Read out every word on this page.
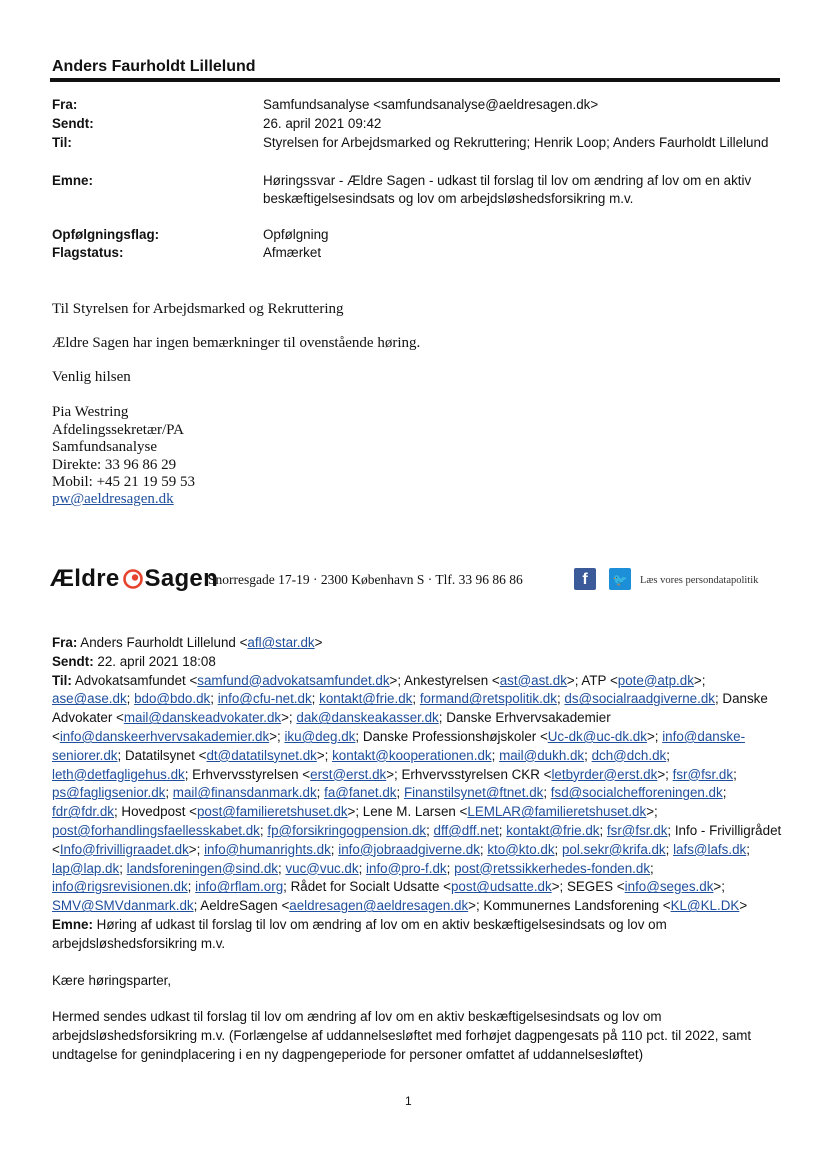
Anders Faurholdt Lillelund
Fra:	Samfundsanalyse <samfundsanalyse@aeldresagen.dk>
Sendt:	26. april 2021 09:42
Til:	Styrelsen for Arbejdsmarked og Rekruttering; Henrik Loop; Anders Faurholdt Lillelund
Emne:	Høringssvar - Ældre Sagen - udkast til forslag til lov om ændring af lov om en aktiv beskæftigelsesindsats og lov om arbejdsløshedsforsikring m.v.
Opfølgningsflag:	Opfølgning
Flagstatus:	Afmærket
Til Styrelsen for Arbejdsmarked og Rekruttering
Ældre Sagen har ingen bemærkninger til ovenstående høring.
Venlig hilsen
Pia Westring
Afdelingssekretær/PA
Samfundsanalyse
Direkte: 33 96 86 29
Mobil: +45 21 19 59 53
pw@aeldresagen.dk
Ældre Sagen
Snorresgade 17-19 · 2300 København S · Tlf. 33 96 86 86	f	🐦	Læs vores persondatapolitik

Fra: Anders Faurholdt Lillelund <afl@star.dk>

Sendt: 22. april 2021 18:08

Til: Advokatsamfundet <samfund@advokatsamfundet.dk>; Ankestyrelsen <ast@ast.dk>; ATP <pote@atp.dk>; ase@ase.dk; bdo@bdo.dk; info@cfu-net.dk; kontakt@frie.dk; formand@retspolitik.dk; ds@socialraadgiverne.dk; Danske Advokater <mail@danskeadvokater.dk>; dak@danskeakasser.dk; Danske Erhvervsakademier <info@danskeerhvervsakademier.dk>; iku@deg.dk; Danske Professionshøjskoler <Uc-dk@uc-dk.dk>; info@danske-seniorer.dk; Datatilsynet <dt@datatilsynet.dk>; kontakt@kooperationen.dk; mail@dukh.dk; dch@dch.dk; leth@detfagligehus.dk; Erhvervsstyrelsen <erst@erst.dk>; Erhvervsstyrelsen CKR <letbyrder@erst.dk>; fsr@fsr.dk; ps@fagligsenior.dk; mail@finansdanmark.dk; fa@fanet.dk; Finanstilsynet@ftnet.dk; fsd@socialchefforeningen.dk; fdr@fdr.dk; Hovedpost <post@familieretshuset.dk>; Lene M. Larsen <LEMLAR@familieretshuset.dk>; post@forhandlingsfaellesskabet.dk; fp@forsikringogpension.dk; dff@dff.net; kontakt@frie.dk; fsr@fsr.dk; Info - Frivilligrådet <Info@frivilligraadet.dk>; info@humanrights.dk; info@jobraadgiverne.dk; kto@kto.dk; pol.sekr@krifa.dk; lafs@lafs.dk; lap@lap.dk; landsforeningen@sind.dk; vuc@vuc.dk; info@pro-f.dk; post@retssikkerhedes-fonden.dk; info@rigsrevisionen.dk; info@rflam.org; Rådet for Socialt Udsatte <post@udsatte.dk>; SEGES <info@seges.dk>; SMV@SMVdanmark.dk; AeldreSagen <aeldresagen@aeldresagen.dk>; Kommunernes Landsforening <KL@KL.DK>

Emne: Høring af udkast til forslag til lov om ændring af lov om en aktiv beskæftigelsesindsats og lov om arbejdsløshedsforsikring m.v.

Kære høringsparter,

Hermed sendes udkast til forslag til lov om ændring af lov om en aktiv beskæftigelsesindsats og lov om arbejdsløshedsforsikring m.v. (Forlængelse af uddannelsesløftet med forhøjet dagpengesats på 110 pct. til 2022, samt undtagelse for genindplacering i en ny dagpengeperiode for personer omfattet af uddannelsesløftet)

1
